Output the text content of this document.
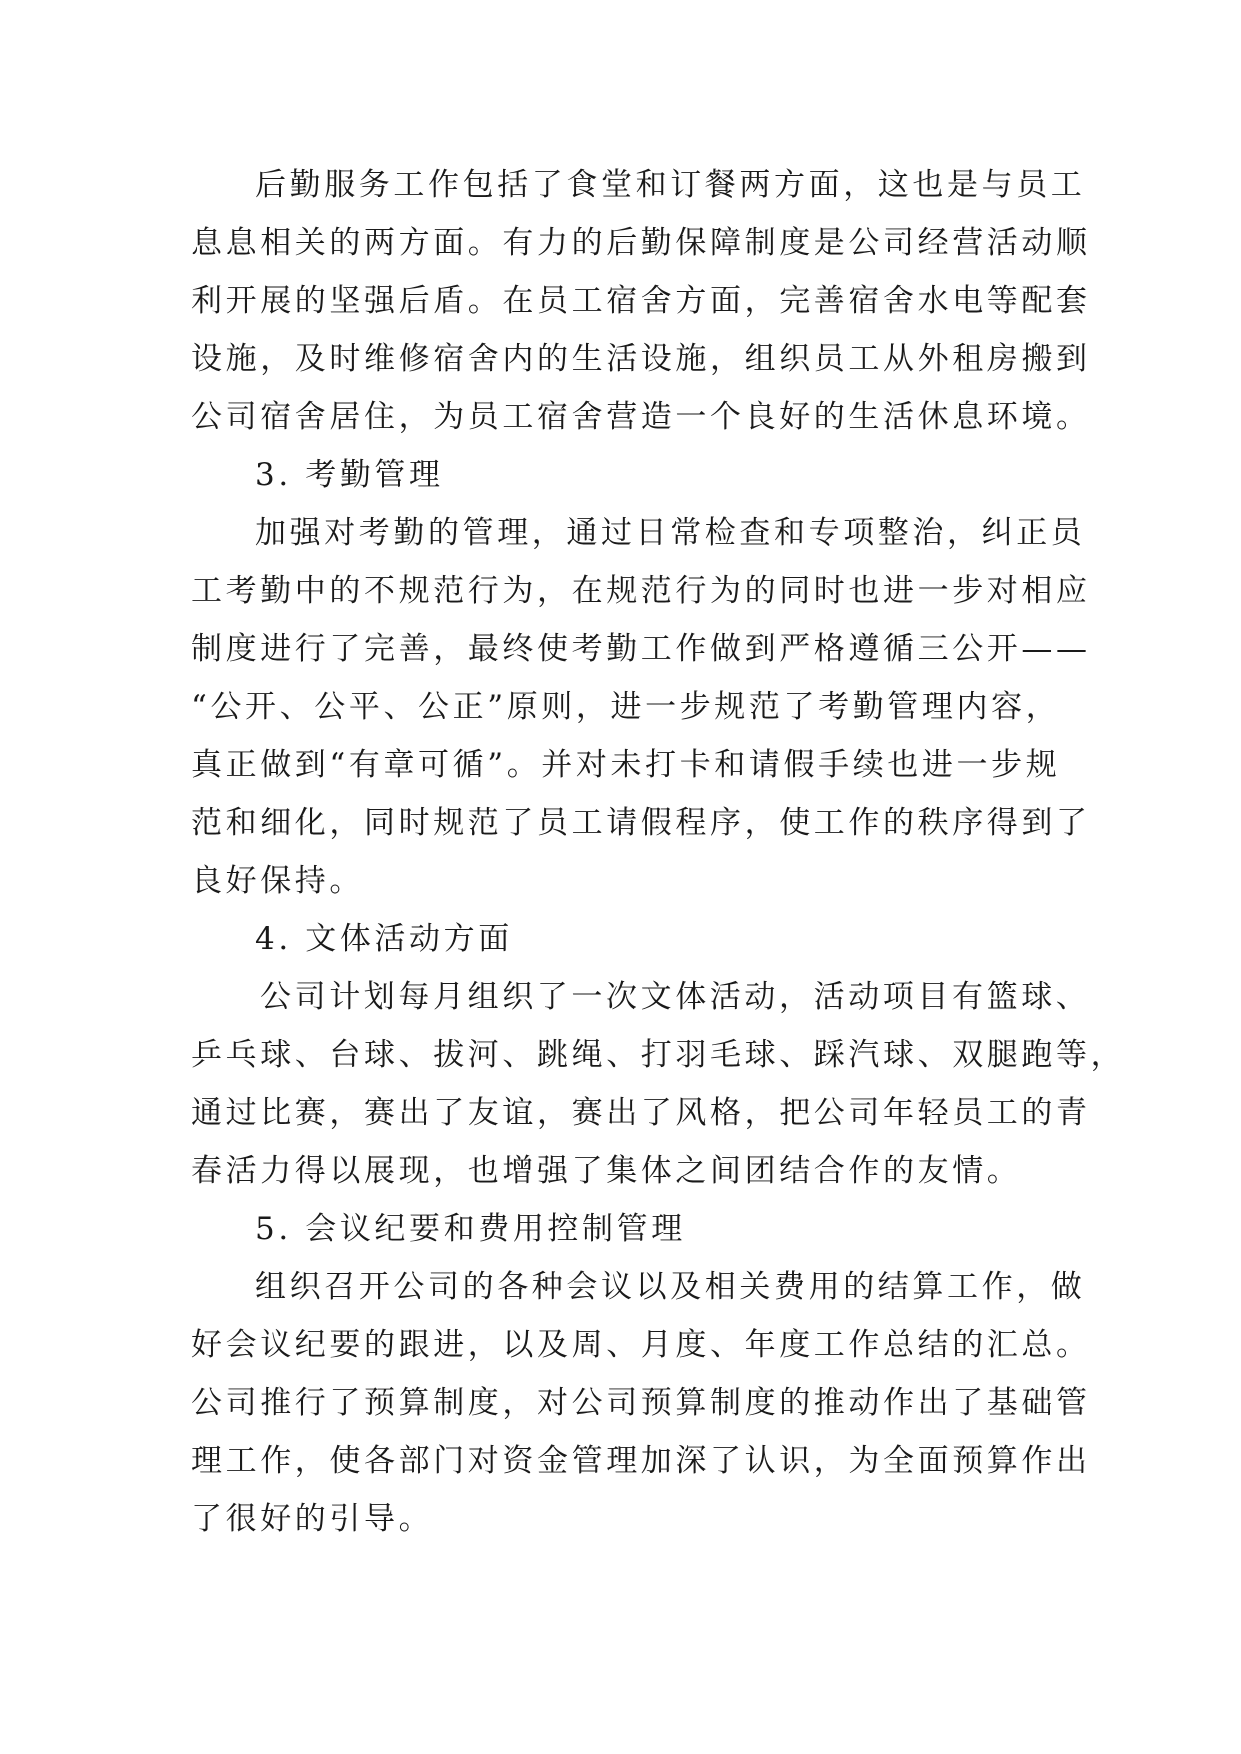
后勤服务工作包括了食堂和订餐两方面，这也是与员工
息息相关的两方面。有力的后勤保障制度是公司经营活动顺
利开展的坚强后盾。在员工宿舍方面，完善宿舍水电等配套
设施，及时维修宿舍内的生活设施，组织员工从外租房搬到
公司宿舍居住，为员工宿舍营造一个良好的生活休息环境。
3. 考勤管理
加强对考勤的管理，通过日常检查和专项整治，纠正员
工考勤中的不规范行为，在规范行为的同时也进一步对相应
制度进行了完善，最终使考勤工作做到严格遵循三公开——
“公开、公平、公正”原则，进一步规范了考勤管理内容，
真正做到“有章可循”。并对未打卡和请假手续也进一步规
范和细化，同时规范了员工请假程序，使工作的秩序得到了
良好保持。
4. 文体活动方面
公司计划每月组织了一次文体活动，活动项目有篮球、
乒乓球、台球、拔河、跳绳、打羽毛球、踩汽球、双腿跑等，
通过比赛，赛出了友谊，赛出了风格，把公司年轻员工的青
春活力得以展现，也增强了集体之间团结合作的友情。
5. 会议纪要和费用控制管理
组织召开公司的各种会议以及相关费用的结算工作，做
好会议纪要的跟进，以及周、月度、年度工作总结的汇总。
公司推行了预算制度，对公司预算制度的推动作出了基础管
理工作，使各部门对资金管理加深了认识，为全面预算作出
了很好的引导。
